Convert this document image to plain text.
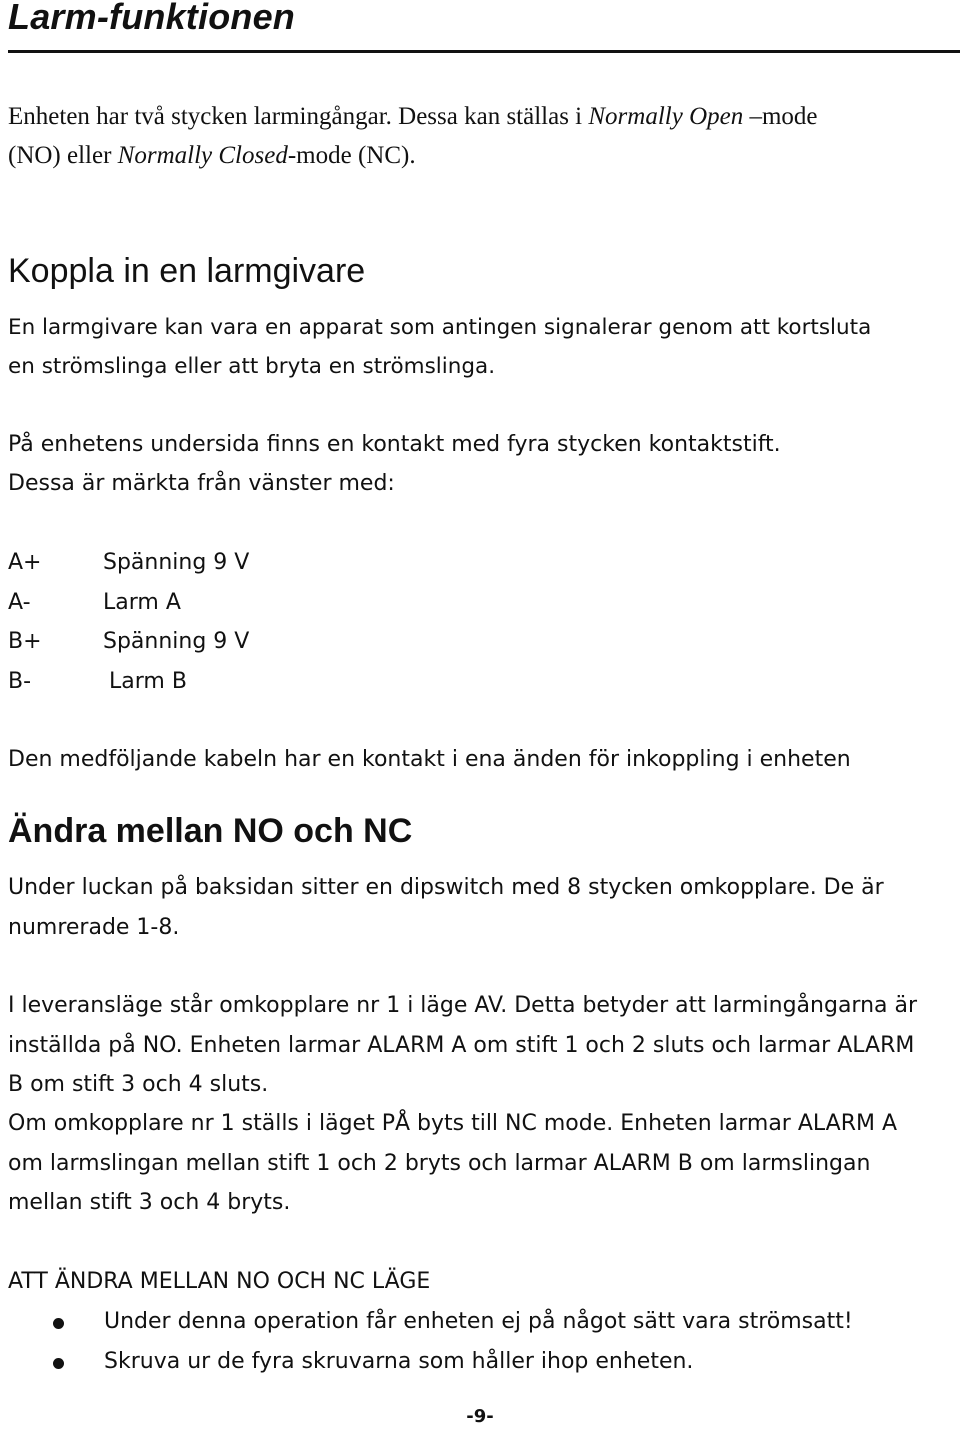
Larm-funktionen

Enheten har två stycken larmingångar. Dessa kan ställas i Normally Open –mode

(NO) eller Normally Closed-mode (NC).

Koppla in en larmgivare

En larmgivare kan vara en apparat som antingen signalerar genom att kortsluta

en strömslinga eller att bryta en strömslinga.

På enhetens undersida finns en kontakt med fyra stycken kontaktstift.

Dessa är märkta från vänster med:

A+	Spänning 9 V
A-	Larm A
B+	Spänning 9 V
B-	Larm B

Den medföljande kabeln har en kontakt i ena änden för inkoppling i enheten

Ändra mellan NO och NC

Under luckan på baksidan sitter en dipswitch med 8 stycken omkopplare. De är

numrerade 1-8.

I leveransläge står omkopplare nr 1 i läge AV. Detta betyder att larmingångarna är

inställda på NO. Enheten larmar ALARM A om stift 1 och 2 sluts och larmar ALARM

B om stift 3 och 4 sluts.

Om omkopplare nr 1 ställs i läget PÅ byts till NC mode. Enheten larmar ALARM A

om larmslingan mellan stift 1 och 2 bryts och larmar ALARM B om larmslingan

mellan stift 3 och 4 bryts.

ATT ÄNDRA MELLAN NO OCH NC LÄGE

Under denna operation får enheten ej på något sätt vara strömsatt!

Skruva ur de fyra skruvarna som håller ihop enheten.

-9-
